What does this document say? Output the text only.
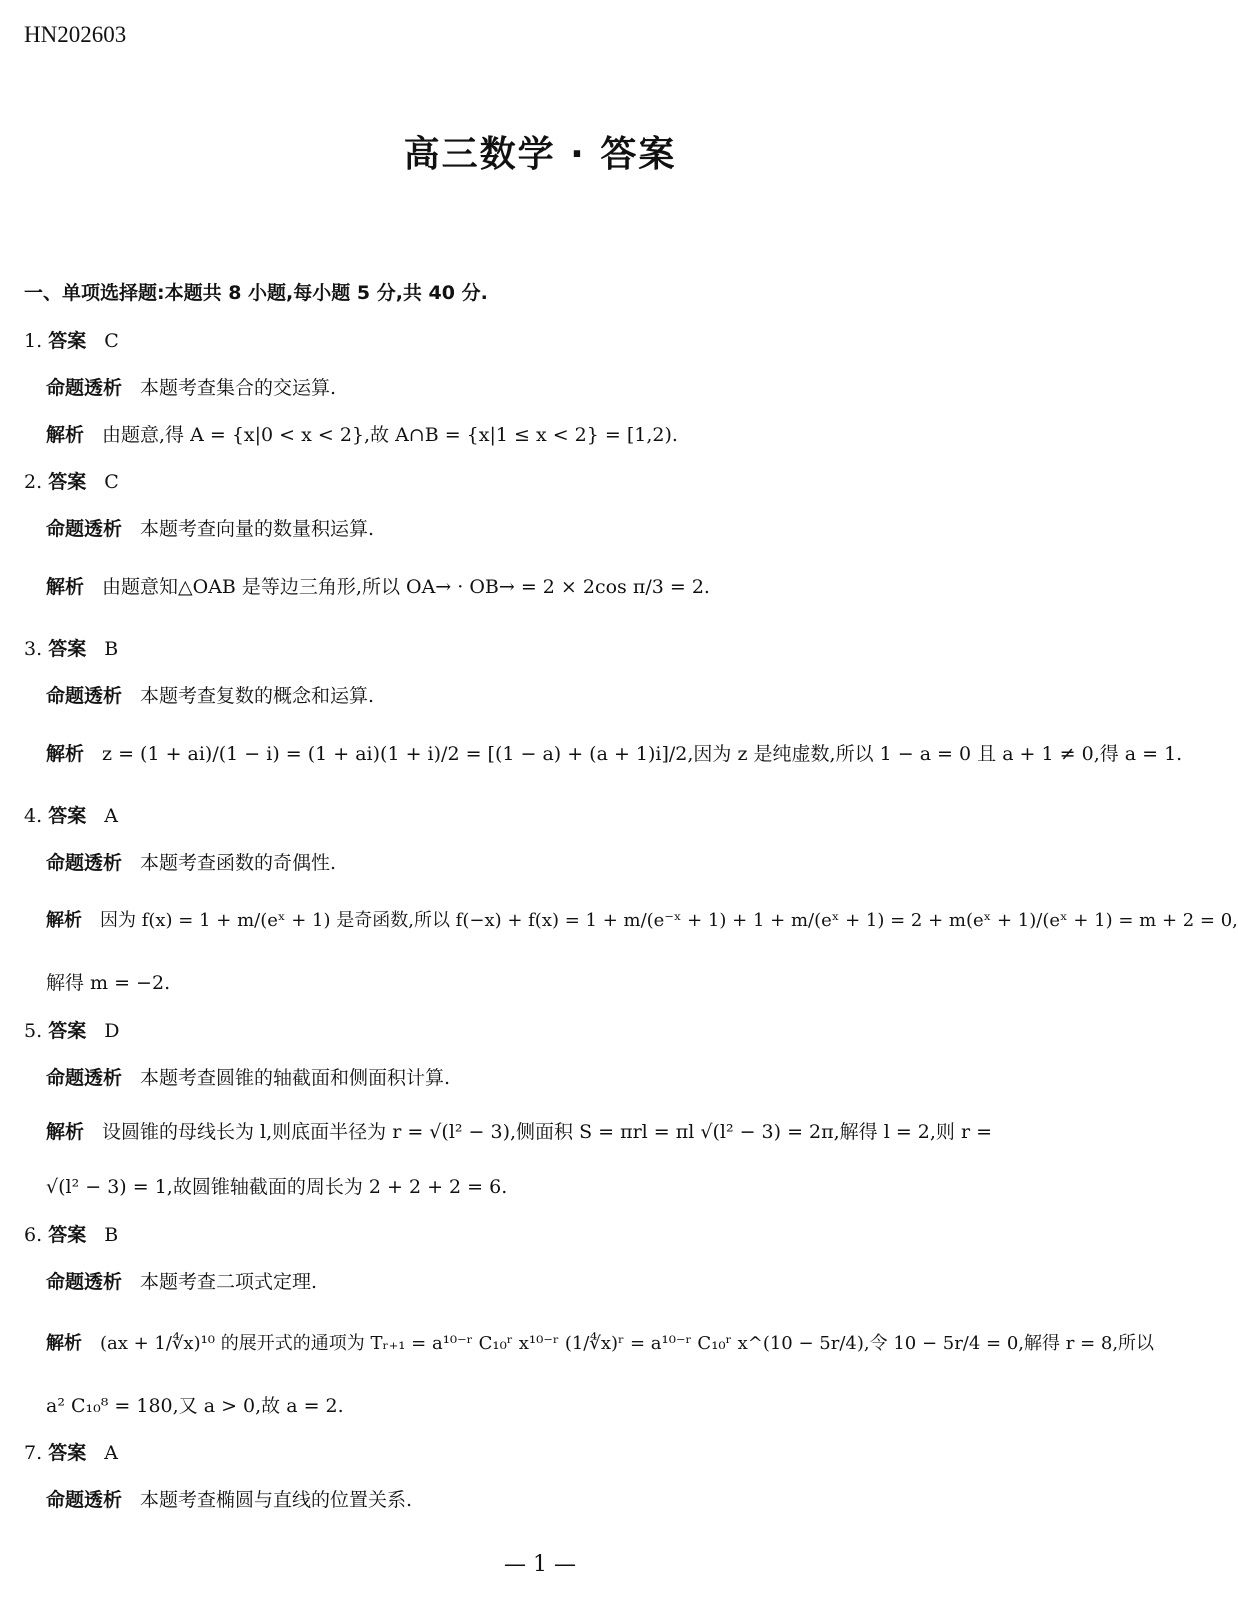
HN202603
高三数学 · 答案
一、单项选择题:本题共 8 小题,每小题 5 分,共 40 分.
1. 答案 C
命题透析 本题考查集合的交运算.
解析 由题意,得 A = {x|0 < x < 2},故 A∩B = {x|1 ≤ x < 2} = [1,2).
2. 答案 C
命题透析 本题考查向量的数量积运算.
解析 由题意知△OAB 是等边三角形,所以 OA→ · OB→ = 2 × 2cos π/3 = 2.
3. 答案 B
命题透析 本题考查复数的概念和运算.
解析 z = (1 + ai)/(1 − i) = (1 + ai)(1 + i)/2 = [(1 − a) + (a + 1)i]/2,因为 z 是纯虚数,所以 1 − a = 0 且 a + 1 ≠ 0,得 a = 1.
4. 答案 A
命题透析 本题考查函数的奇偶性.
解析 因为 f(x) = 1 + m/(eˣ + 1) 是奇函数,所以 f(−x) + f(x) = 1 + m/(e⁻ˣ + 1) + 1 + m/(eˣ + 1) = 2 + m(eˣ + 1)/(eˣ + 1) = m + 2 = 0,
解得 m = −2.
5. 答案 D
命题透析 本题考查圆锥的轴截面和侧面积计算.
解析 设圆锥的母线长为 l,则底面半径为 r = √(l² − 3),侧面积 S = πrl = πl √(l² − 3) = 2π,解得 l = 2,则 r =
√(l² − 3) = 1,故圆锥轴截面的周长为 2 + 2 + 2 = 6.
6. 答案 B
命题透析 本题考查二项式定理.
解析 (ax + 1/∜x)¹⁰ 的展开式的通项为 Tᵣ₊₁ = a¹⁰⁻ʳ C₁₀ʳ x¹⁰⁻ʳ (1/∜x)ʳ = a¹⁰⁻ʳ C₁₀ʳ x^(10 − 5r/4),令 10 − 5r/4 = 0,解得 r = 8,所以
a² C₁₀⁸ = 180,又 a > 0,故 a = 2.
7. 答案 A
命题透析 本题考查椭圆与直线的位置关系.
— 1 —
